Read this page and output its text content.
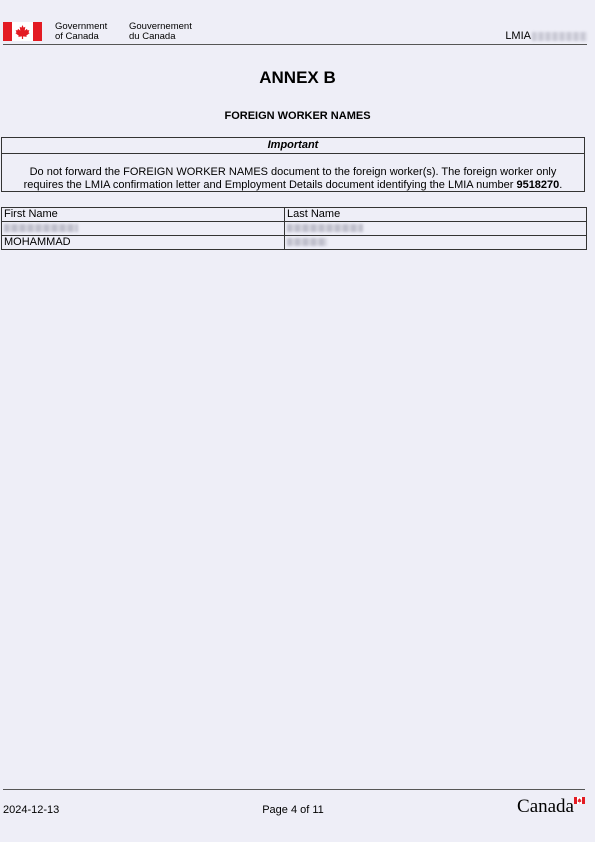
Government
of Canada
Gouvernement
du Canada	LMIA
ANNEX B
FOREIGN WORKER NAMES
Important
Do not forward the FOREIGN WORKER NAMES document to the foreign worker(s). The foreign worker only
requires the LMIA confirmation letter and Employment Details document identifying the LMIA number 9518270.
First Name	Last Name

MOHAMMAD	
2024-12-13	Page 4 of 11	Canada
